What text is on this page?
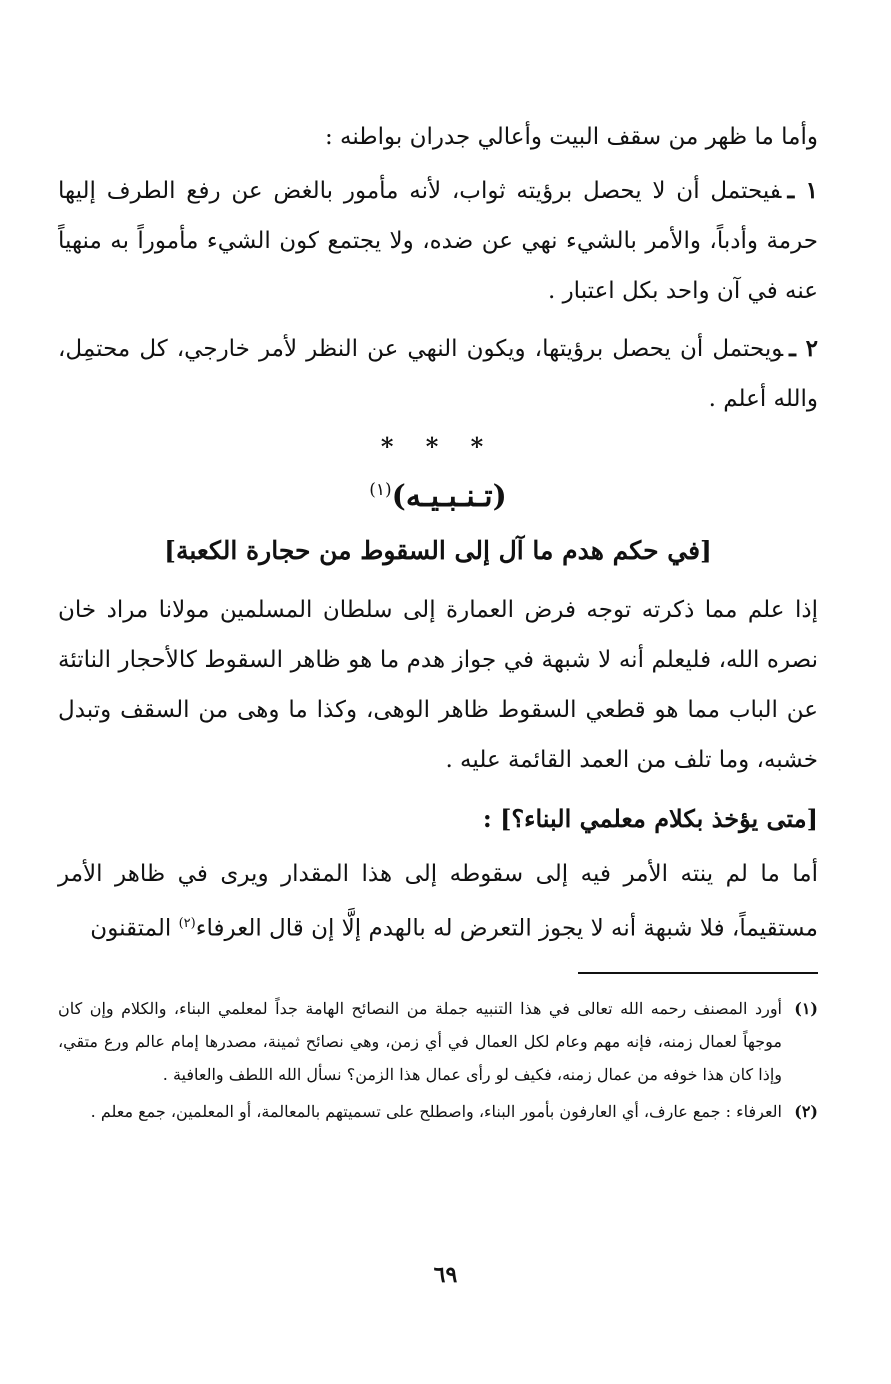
وأما ما ظهر من سقف البيت وأعالي جدران بواطنه :

١ ـفيحتمل أن لا يحصل برؤيته ثواب، لأنه مأمور بالغض عن رفع الطرف إليها حرمة وأدباً، والأمر بالشيء نهي عن ضده، ولا يجتمع كون الشيء مأموراً به منهياً عنه في آن واحد بكل اعتبار .

٢ ـويحتمل أن يحصل برؤيتها، ويكون النهي عن النظر لأمر خارجي، كل محتمِل، والله أعلم .

* * *
(تـنـبـيـه)$^{(١)}$
[في حكم هدم ما آل إلى السقوط من حجارة الكعبة]

إذا علم مما ذكرته توجه فرض العمارة إلى سلطان المسلمين مولانا مراد خان نصره الله، فليعلم أنه لا شبهة في جواز هدم ما هو ظاهر السقوط كالأحجار الناتئة عن الباب مما هو قطعي السقوط ظاهر الوهى، وكذا ما وهى من السقف وتبدل خشبه، وما تلف من العمد القائمة عليه .

[متى يؤخذ بكلام معلمي البناء؟] :

أما ما لم ينته الأمر فيه إلى سقوطه إلى هذا المقدار ويرى في ظاهر الأمر مستقيماً، فلا شبهة أنه لا يجوز التعرض له بالهدم إلَّا إن قال العرفاء$^{(٢)}$ المتقنون

(١)
أورد المصنف رحمه الله تعالى في هذا التنبيه جملة من النصائح الهامة جداً لمعلمي البناء، والكلام وإن كان موجهاً لعمال زمنه، فإنه مهم وعام لكل العمال في أي زمن، وهي نصائح ثمينة، مصدرها إمام عالم ورع متقي، وإذا كان هذا خوفه من عمال زمنه، فكيف لو رأى عمال هذا الزمن؟ نسأل الله اللطف والعافية .
(٢)
العرفاء : جمع عارف، أي العارفون بأمور البناء، واصطلح على تسميتهم بالمعالمة، أو المعلمين، جمع معلم .
٦٩
